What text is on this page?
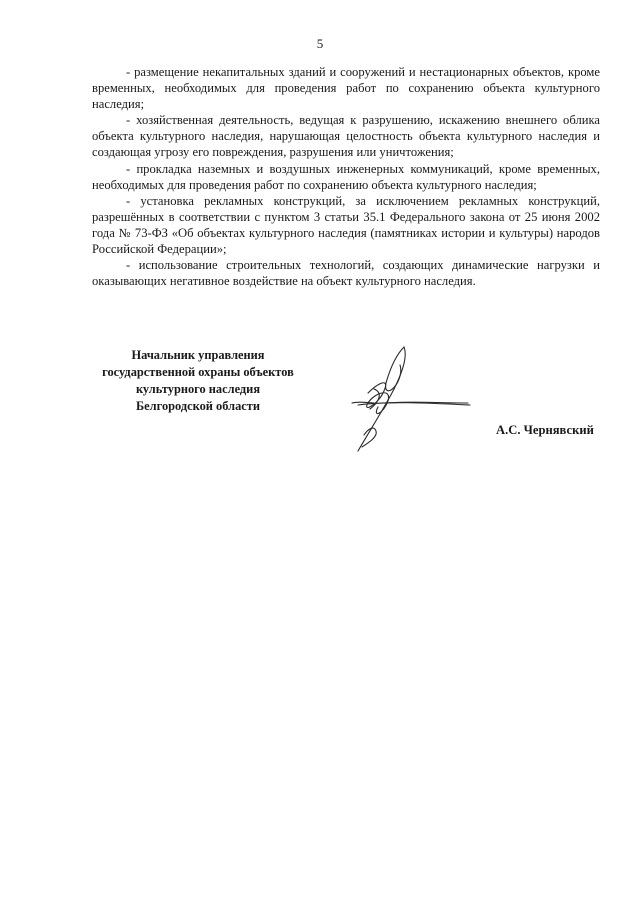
5

- размещение некапитальных зданий и сооружений и нестационарных объектов, кроме временных, необходимых для проведения работ по сохранению объекта культурного наследия;

- хозяйственная деятельность, ведущая к разрушению, искажению внешнего облика объекта культурного наследия, нарушающая целостность объекта культурного наследия и создающая угрозу его повреждения, разрушения или уничтожения;

- прокладка наземных и воздушных инженерных коммуникаций, кроме временных, необходимых для проведения работ по сохранению объекта культурного наследия;

- установка рекламных конструкций, за исключением рекламных конструкций, разрешённых в соответствии с пунктом 3 статьи 35.1 Федерального закона от 25 июня 2002 года № 73-ФЗ «Об объектах культурного наследия (памятниках истории и культуры) народов Российской Федерации»;

- использование строительных технологий, создающих динамические нагрузки и оказывающих негативное воздействие на объект культурного наследия.

Начальник управления
государственной охраны объектов
культурного наследия
Белгородской области
А.С. Чернявский
